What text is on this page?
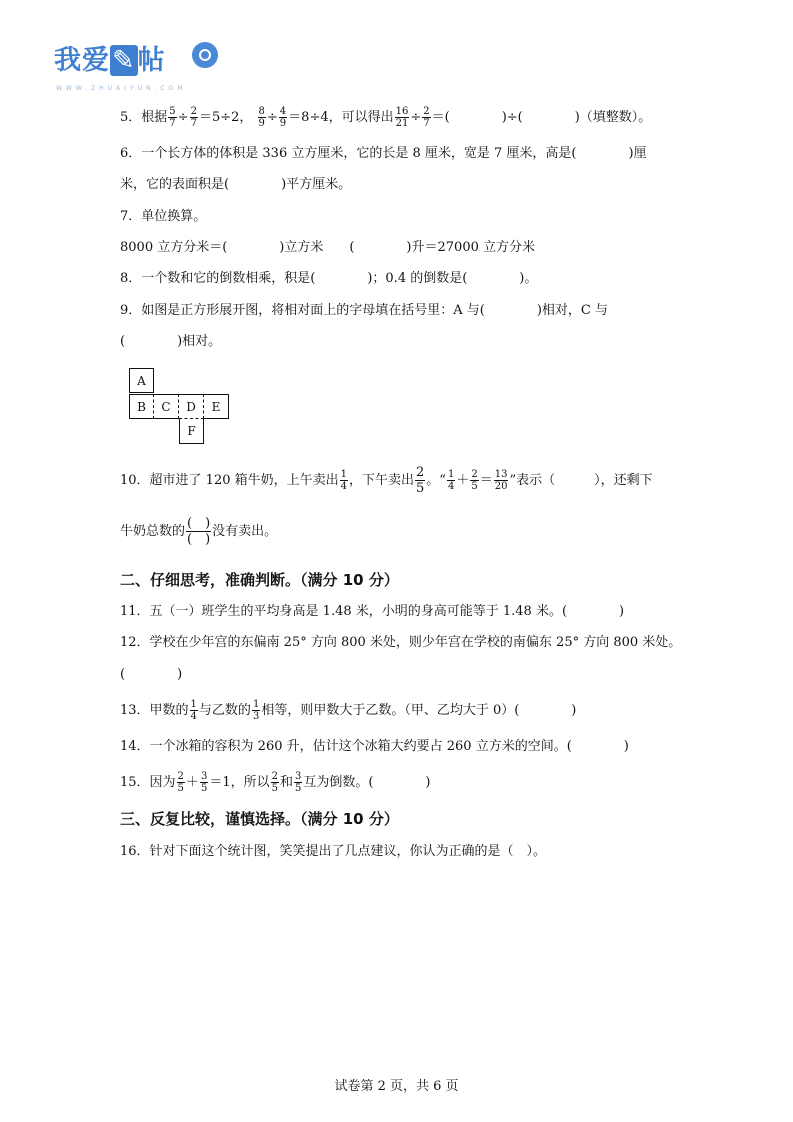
我爱✎帖
WWW.ZHUAIYUN.COM
5．根据 $\frac{5}{7} \div \frac{2}{7} =5\div 2$， $\frac{8}{9} \div \frac{4}{9} =8\div 4$，可以得出 $\frac{16}{21} \div \frac{2}{7}$ ＝(　　　　)÷(　　　　)（填整数）。
6．一个长方体的体积是 336 立方厘米，它的长是 8 厘米，宽是 7 厘米，高是(　　　　)厘
米，它的表面积是(　　　　)平方厘米。
7．单位换算。
8000 立方分米＝(　　　　)立方米　　(　　　　)升＝27000 立方分米
8．一个数和它的倒数相乘，积是(　　　　)；0.4 的倒数是(　　　　)。
9．如图是正方形展开图，将相对面上的字母填在括号里：A 与(　　　　)相对，C 与
(　　　　)相对。
A
B	C	D	E
F
10．超市进了 120 箱牛奶，上午卖出 $\frac{1}{4}$ ，下午卖出 $\frac{2}{5}$ 。“ $\frac{1}{4} + \frac{2}{5} = \frac{13}{20}$ ”表示（　　　），还剩下
牛奶总数的 $\frac{( )}{( )}$ 没有卖出。
二、仔细思考，准确判断。（满分 10 分）
11．五（一）班学生的平均身高是 1.48 米，小明的身高可能等于 1.48 米。(　　　　)
12．学校在少年宫的东偏南 25° 方向 800 米处，则少年宫在学校的南偏东 25° 方向 800 米处。
(　　　　)
13．甲数的 $\frac{1}{4}$ 与乙数的 $\frac{1}{3}$ 相等，则甲数大于乙数。（甲、乙均大于 0）(　　　　)
14．一个冰箱的容积为 260 升，估计这个冰箱大约要占 260 立方米的空间。(　　　　)
15．因为 $\frac{2}{5} + \frac{3}{5} =1$，所以 $\frac{2}{5}$ 和 $\frac{3}{5}$ 互为倒数。(　　　　)
三、反复比较，谨慎选择。（满分 10 分）
16．针对下面这个统计图，笑笑提出了几点建议，你认为正确的是（　）。
试卷第 2 页，共 6 页
